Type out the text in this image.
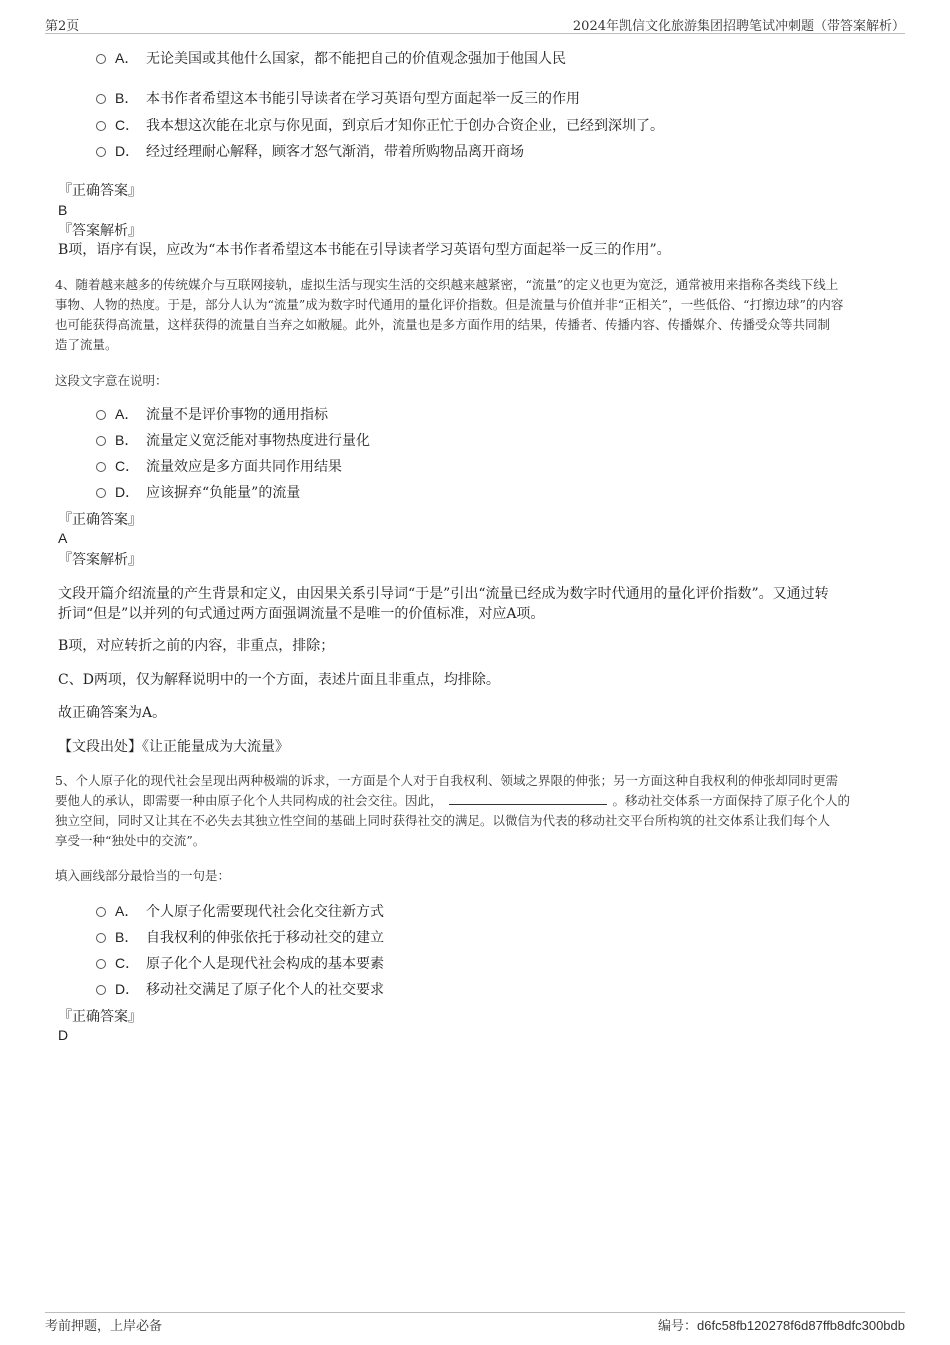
第2页	2024年凯信文化旅游集团招聘笔试冲刺题（带答案解析）
A． 无论美国或其他什么国家，都不能把自己的价值观念强加于他国人民
B． 本书作者希望这本书能引导读者在学习英语句型方面起举一反三的作用
C． 我本想这次能在北京与你见面，到京后才知你正忙于创办合资企业，已经到深圳了。
D． 经过经理耐心解释，顾客才怒气渐消，带着所购物品离开商场
『正确答案』
B
『答案解析』
B项，语序有误，应改为“本书作者希望这本书能在引导读者学习英语句型方面起举一反三的作用”。
4、随着越来越多的传统媒介与互联网接轨，虚拟生活与现实生活的交织越来越紧密，“流量”的定义也更为宽泛，通常被用来指称各类线下线上
事物、人物的热度。于是，部分人认为“流量”成为数字时代通用的量化评价指数。但是流量与价值并非“正相关”，一些低俗、“打擦边球”的内容
也可能获得高流量，这样获得的流量自当弃之如敝屣。此外，流量也是多方面作用的结果，传播者、传播内容、传播媒介、传播受众等共同制
造了流量。
这段文字意在说明：
A． 流量不是评价事物的通用指标
B． 流量定义宽泛能对事物热度进行量化
C． 流量效应是多方面共同作用结果
D． 应该摒弃“负能量”的流量
『正确答案』
A
『答案解析』
文段开篇介绍流量的产生背景和定义，由因果关系引导词“于是”引出“流量已经成为数字时代通用的量化评价指数”。又通过转
折词“但是”以并列的句式通过两方面强调流量不是唯一的价值标准，对应A项。
B项，对应转折之前的内容，非重点，排除；
C、D两项，仅为解释说明中的一个方面，表述片面且非重点，均排除。
故正确答案为A。
【文段出处】《让正能量成为大流量》
5、个人原子化的现代社会呈现出两种极端的诉求，一方面是个人对于自我权利、领域之界限的伸张；另一方面这种自我权利的伸张却同时更需
要他人的承认，即需要一种由原子化个人共同构成的社会交往。因此，	。移动社交体系一方面保持了原子化个人的
独立空间，同时又让其在不必失去其独立性空间的基础上同时获得社交的满足。以微信为代表的移动社交平台所构筑的社交体系让我们每个人
享受一种“独处中的交流”。
填入画线部分最恰当的一句是：
A． 个人原子化需要现代社会化交往新方式
B． 自我权利的伸张依托于移动社交的建立
C． 原子化个人是现代社会构成的基本要素
D． 移动社交满足了原子化个人的社交要求
『正确答案』
D
考前押题，上岸必备	编号：d6fc58fb120278f6d87ffb8dfc300bdb
